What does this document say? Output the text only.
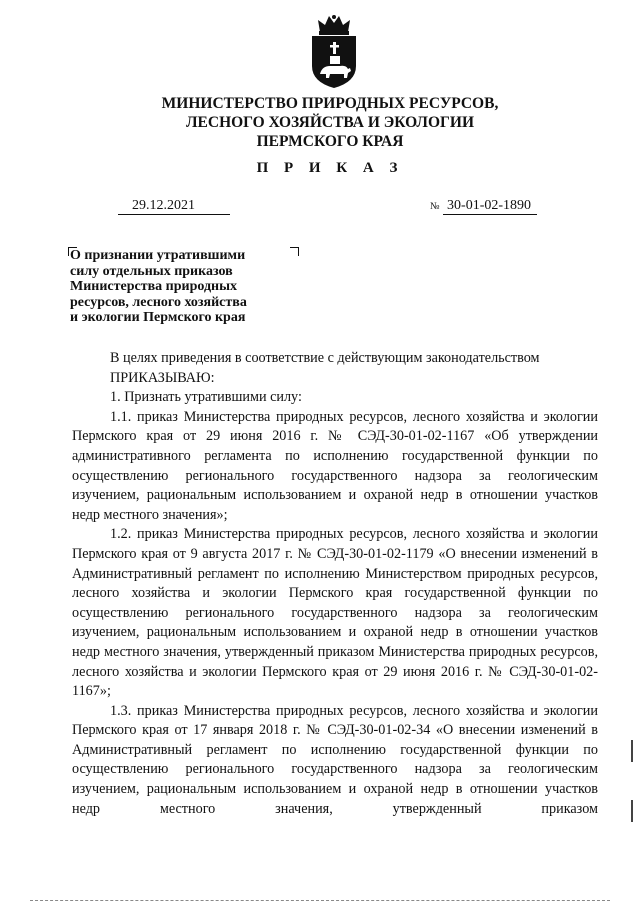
МИНИСТЕРСТВО ПРИРОДНЫХ РЕСУРСОВ,
ЛЕСНОГО ХОЗЯЙСТВА И ЭКОЛОГИИ
ПЕРМСКОГО КРАЯ
П Р И К А З
29.12.2021	№ 30-01-02-1890
О признании утратившими
силу отдельных приказов
Министерства природных
ресурсов, лесного хозяйства
и экологии Пермского края

В целях приведения в соответствие с действующим законодательством

ПРИКАЗЫВАЮ:

1. Признать утратившими силу:

1.1. приказ Министерства природных ресурсов, лесного хозяйства и экологии Пермского края от 29 июня 2016 г. № СЭД-30-01-02-1167 «Об утверждении административного регламента по исполнению государственной функции по осуществлению регионального государственного надзора за геологическим изучением, рациональным использованием и охраной недр в отношении участков недр местного значения»;

1.2. приказ Министерства природных ресурсов, лесного хозяйства и экологии Пермского края от 9 августа 2017 г. № СЭД-30-01-02-1179 «О внесении изменений в Административный регламент по исполнению Министерством природных ресурсов, лесного хозяйства и экологии Пермского края государственной функции по осуществлению регионального государственного надзора за геологическим изучением, рациональным использованием и охраной недр в отношении участков недр местного значения, утвержденный приказом Министерства природных ресурсов, лесного хозяйства и экологии Пермского края от 29 июня 2016 г. № СЭД-30-01-02-1167»;

1.3. приказ Министерства природных ресурсов, лесного хозяйства и экологии Пермского края от 17 января 2018 г. № СЭД-30-01-02-34 «О внесении изменений в Административный регламент по исполнению государственной функции по осуществлению регионального государственного надзора за геологическим изучением, рациональным использованием и охраной недр в отношении участков недр местного значения, утвержденный приказом
